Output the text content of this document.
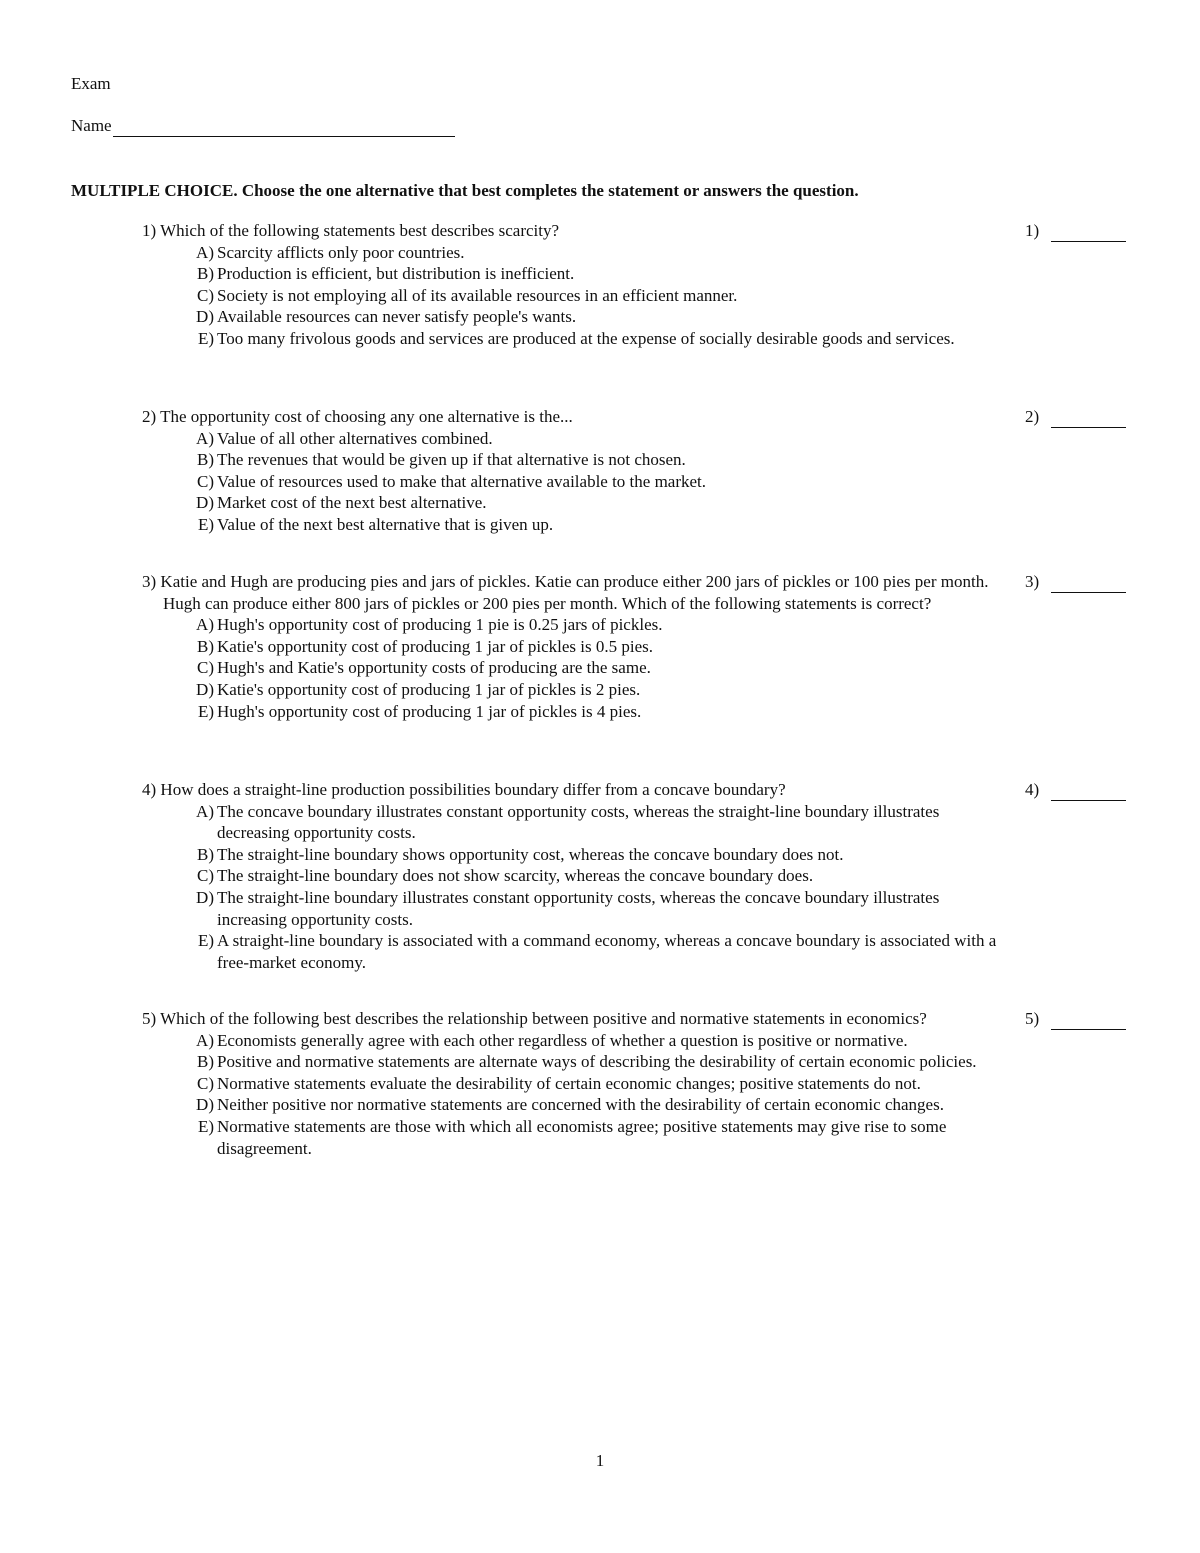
Exam
Name
MULTIPLE CHOICE. Choose the one alternative that best completes the statement or answers the question.
1) Which of the following statements best describes scarcity?
A) Scarcity afflicts only poor countries.
B) Production is efficient, but distribution is inefficient.
C) Society is not employing all of its available resources in an efficient manner.
D) Available resources can never satisfy people's wants.
E) Too many frivolous goods and services are produced at the expense of socially desirable goods and services.
1)
2) The opportunity cost of choosing any one alternative is the...
A) Value of all other alternatives combined.
B) The revenues that would be given up if that alternative is not chosen.
C) Value of resources used to make that alternative available to the market.
D) Market cost of the next best alternative.
E) Value of the next best alternative that is given up.
2)
3) Katie and Hugh are producing pies and jars of pickles. Katie can produce either 200 jars of pickles or 100 pies per month. Hugh can produce either 800 jars of pickles or 200 pies per month. Which of the following statements is correct?
A) Hugh's opportunity cost of producing 1 pie is 0.25 jars of pickles.
B) Katie's opportunity cost of producing 1 jar of pickles is 0.5 pies.
C) Hugh's and Katie's opportunity costs of producing are the same.
D) Katie's opportunity cost of producing 1 jar of pickles is 2 pies.
E) Hugh's opportunity cost of producing 1 jar of pickles is 4 pies.
3)
4) How does a straight-line production possibilities boundary differ from a concave boundary?
A) The concave boundary illustrates constant opportunity costs, whereas the straight-line boundary illustrates decreasing opportunity costs.
B) The straight-line boundary shows opportunity cost, whereas the concave boundary does not.
C) The straight-line boundary does not show scarcity, whereas the concave boundary does.
D) The straight-line boundary illustrates constant opportunity costs, whereas the concave boundary illustrates increasing opportunity costs.
E) A straight-line boundary is associated with a command economy, whereas a concave boundary is associated with a free-market economy.
4)
5) Which of the following best describes the relationship between positive and normative statements in economics?
A) Economists generally agree with each other regardless of whether a question is positive or normative.
B) Positive and normative statements are alternate ways of describing the desirability of certain economic policies.
C) Normative statements evaluate the desirability of certain economic changes; positive statements do not.
D) Neither positive nor normative statements are concerned with the desirability of certain economic changes.
E) Normative statements are those with which all economists agree; positive statements may give rise to some disagreement.
5)
1
